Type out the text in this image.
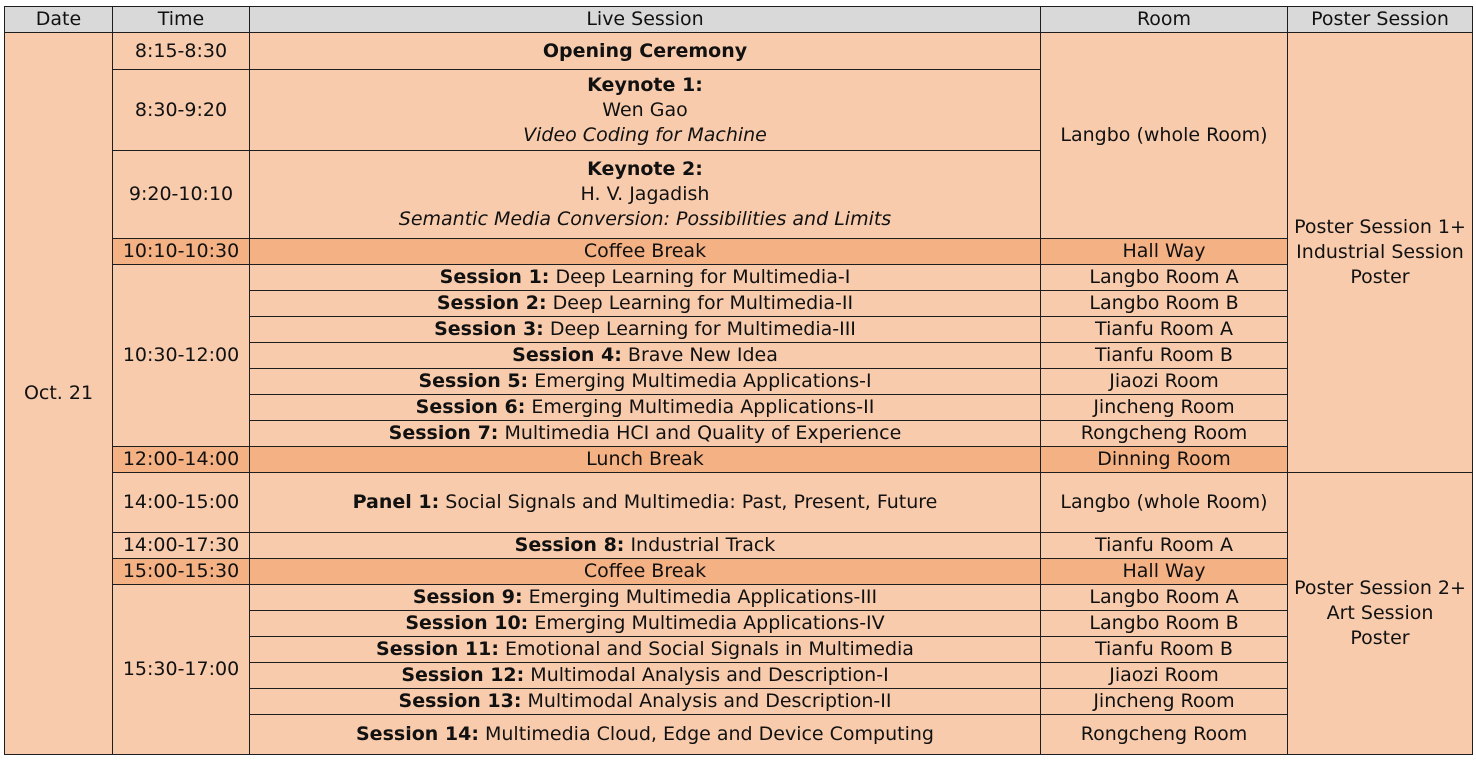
Date	Time	Live Session	Room	Poster Session
Oct. 21	8:15-8:30	Opening Ceremony	Langbo (whole Room)	Poster Session 1+
Industrial Session
Poster

	8:30-9:20	Keynote 1:
Wen Gao
Video Coding for Machine		

	9:20-10:10	Keynote 2:
H. V. Jagadish
Semantic Media Conversion: Possibilities and Limits		

	10:10-10:30	Coffee Break	Hall Way	
	10:30-12:00	Session 1: Deep Learning for Multimedia-I	Langbo Room A	
		Session 2: Deep Learning for Multimedia-II	Langbo Room B	
		Session 3: Deep Learning for Multimedia-III	Tianfu Room A	
		Session 4: Brave New Idea	Tianfu Room B	
		Session 5: Emerging Multimedia Applications-I	Jiaozi Room	
		Session 6: Emerging Multimedia Applications-II	Jincheng Room	
		Session 7: Multimedia HCI and Quality of Experience	Rongcheng Room	
	12:00-14:00	Lunch Break	Dinning Room	
	14:00-15:00	Panel 1: Social Signals and Multimedia: Past, Present, Future	Langbo (whole Room)	Poster Session 2+
Art Session
Poster

	14:00-17:30	Session 8: Industrial Track	Tianfu Room A	
	15:00-15:30	Coffee Break	Hall Way	
	15:30-17:00	Session 9: Emerging Multimedia Applications-III	Langbo Room A	
		Session 10: Emerging Multimedia Applications-IV	Langbo Room B	
		Session 11: Emotional and Social Signals in Multimedia	Tianfu Room B	
		Session 12: Multimodal Analysis and Description-I	Jiaozi Room	
		Session 13: Multimodal Analysis and Description-II	Jincheng Room	
		Session 14: Multimedia Cloud, Edge and Device Computing	Rongcheng Room	
